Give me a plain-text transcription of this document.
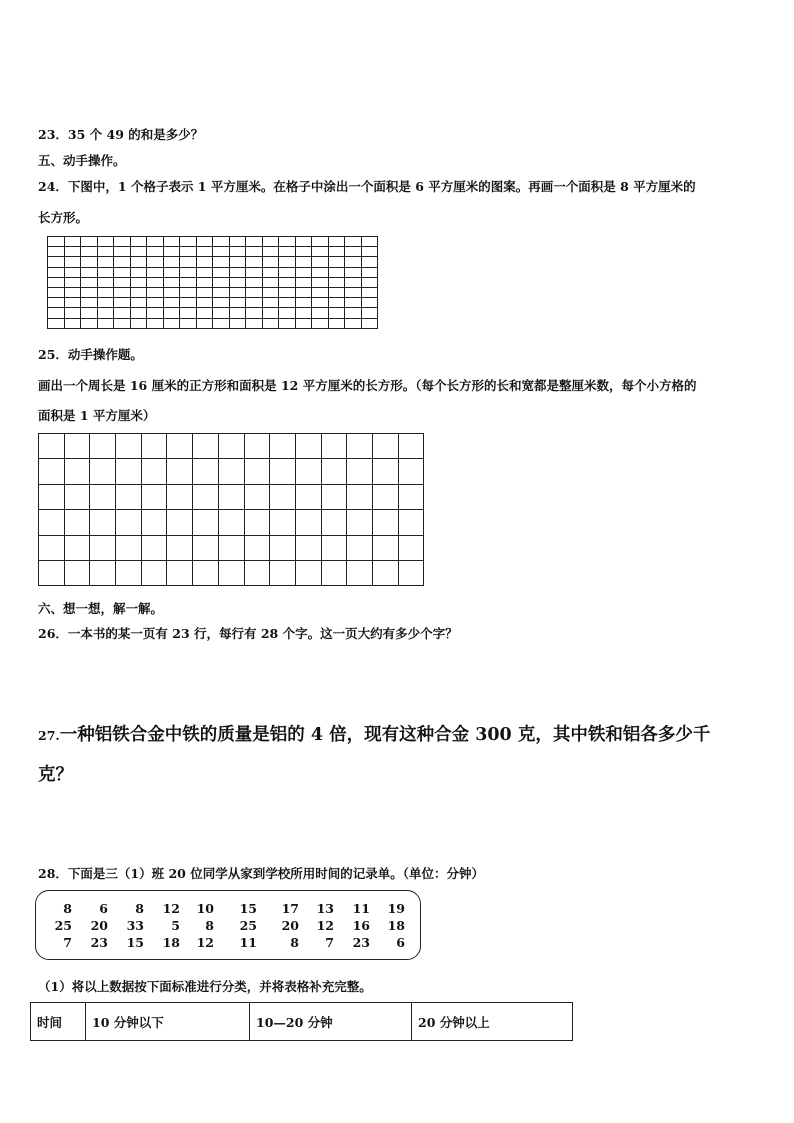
23．35 个 49 的和是多少？
五、动手操作。
24．下图中，1 个格子表示 1 平方厘米。在格子中涂出一个面积是 6 平方厘米的图案。再画一个面积是 8 平方厘米的
长方形。

25．动手操作题。
画出一个周长是 16 厘米的正方形和面积是 12 平方厘米的长方形。（每个长方形的长和宽都是整厘米数，每个小方格的
面积是 1 平方厘米）

六、想一想，解一解。
26．一本书的某一页有 23 行，每行有 28 个字。这一页大约有多少个字？
27.一种铝铁合金中铁的质量是铝的 4 倍，现有这种合金 300 克，其中铁和铝各多少千
克？
28．下面是三（1）班 20 位同学从家到学校所用时间的记录单。（单位：分钟）
8	6	8	12	10	15	17	13	11	19
25	20	33	5	8	25	20	12	16	18
7	23	15	18	12	11	8	7	23	6
（1）将以上数据按下面标准进行分类，并将表格补充完整。
时间	10 分钟以下	10—20 分钟	20 分钟以上
